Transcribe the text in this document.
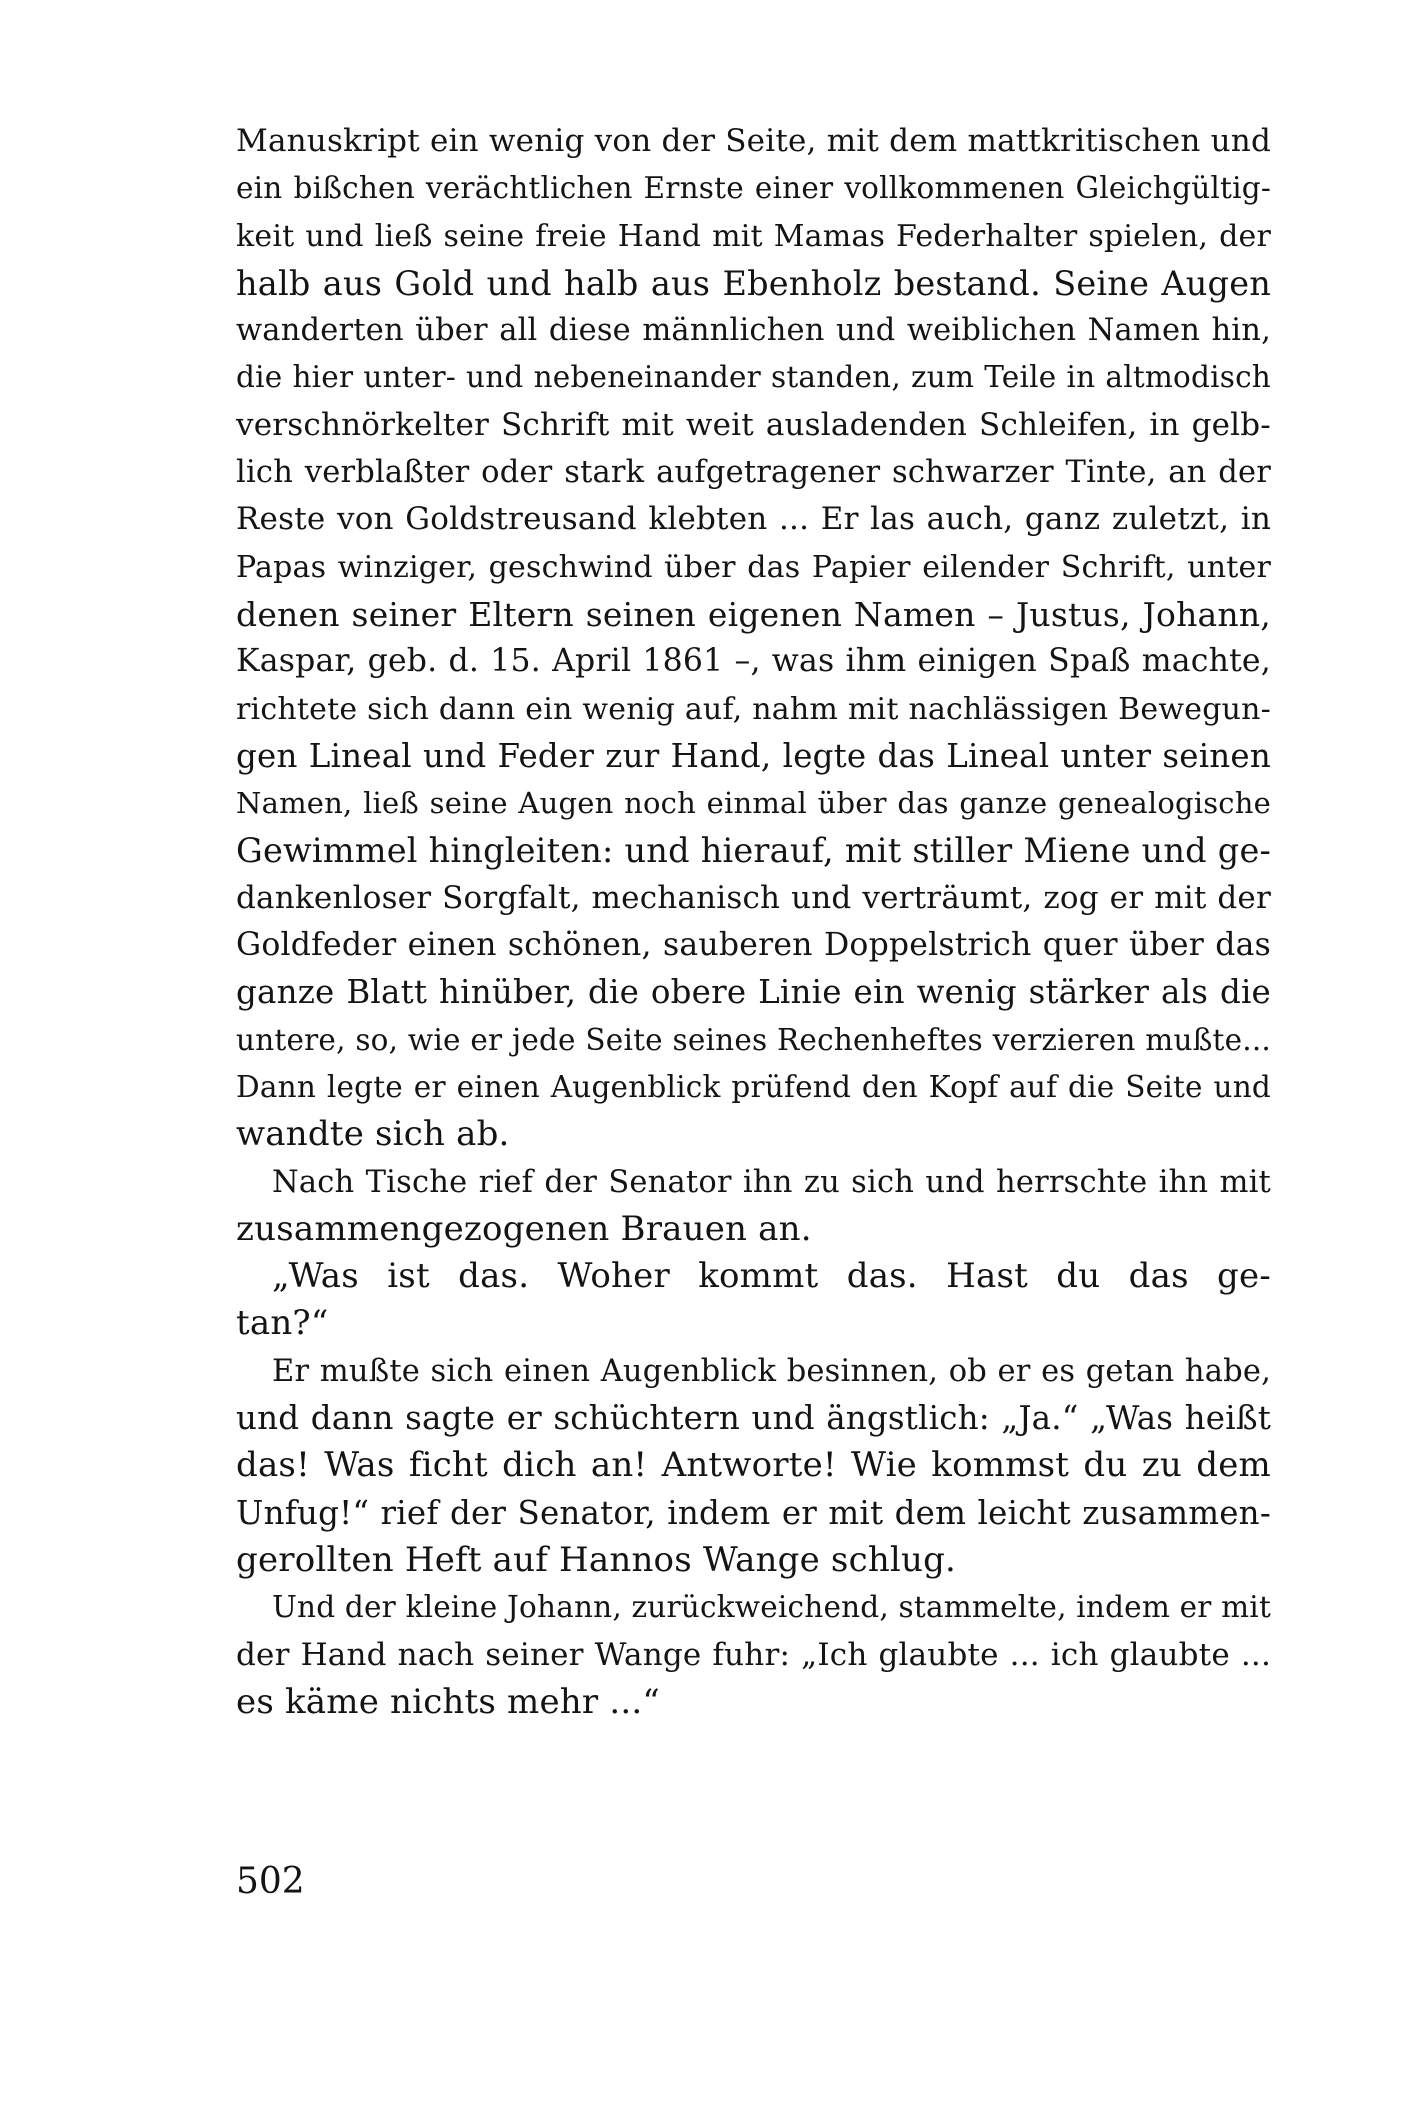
Manuskript ein wenig von der Seite, mit dem mattkritischen und
ein bißchen verächtlichen Ernste einer vollkommenen Gleichgültig-
keit und ließ seine freie Hand mit Mamas Federhalter spielen, der
halb aus Gold und halb aus Ebenholz bestand. Seine Augen
wanderten über all diese männlichen und weiblichen Namen hin,
die hier unter- und nebeneinander standen, zum Teile in altmodisch
verschnörkelter Schrift mit weit ausladenden Schleifen, in gelb-
lich verblaßter oder stark aufgetragener schwarzer Tinte, an der
Reste von Goldstreusand klebten ... Er las auch, ganz zuletzt, in
Papas winziger, geschwind über das Papier eilender Schrift, unter
denen seiner Eltern seinen eigenen Namen – Justus, Johann,
Kaspar, geb. d. 15. April 1861 –, was ihm einigen Spaß machte,
richtete sich dann ein wenig auf, nahm mit nachlässigen Bewegun-
gen Lineal und Feder zur Hand, legte das Lineal unter seinen
Namen, ließ seine Augen noch einmal über das ganze genealogische
Gewimmel hingleiten: und hierauf, mit stiller Miene und ge-
dankenloser Sorgfalt, mechanisch und verträumt, zog er mit der
Goldfeder einen schönen, sauberen Doppelstrich quer über das
ganze Blatt hinüber, die obere Linie ein wenig stärker als die
untere, so, wie er jede Seite seines Rechenheftes verzieren mußte...
Dann legte er einen Augenblick prüfend den Kopf auf die Seite und
wandte sich ab.
Nach Tische rief der Senator ihn zu sich und herrschte ihn mit
zusammengezogenen Brauen an.
„Was ist das. Woher kommt das. Hast du das ge-
tan?“
Er mußte sich einen Augenblick besinnen, ob er es getan habe,
und dann sagte er schüchtern und ängstlich: „Ja.“ „Was heißt
das! Was ficht dich an! Antworte! Wie kommst du zu dem
Unfug!“ rief der Senator, indem er mit dem leicht zusammen-
gerollten Heft auf Hannos Wange schlug.
Und der kleine Johann, zurückweichend, stammelte, indem er mit
der Hand nach seiner Wange fuhr: „Ich glaubte ... ich glaubte ...
es käme nichts mehr ...“
502
